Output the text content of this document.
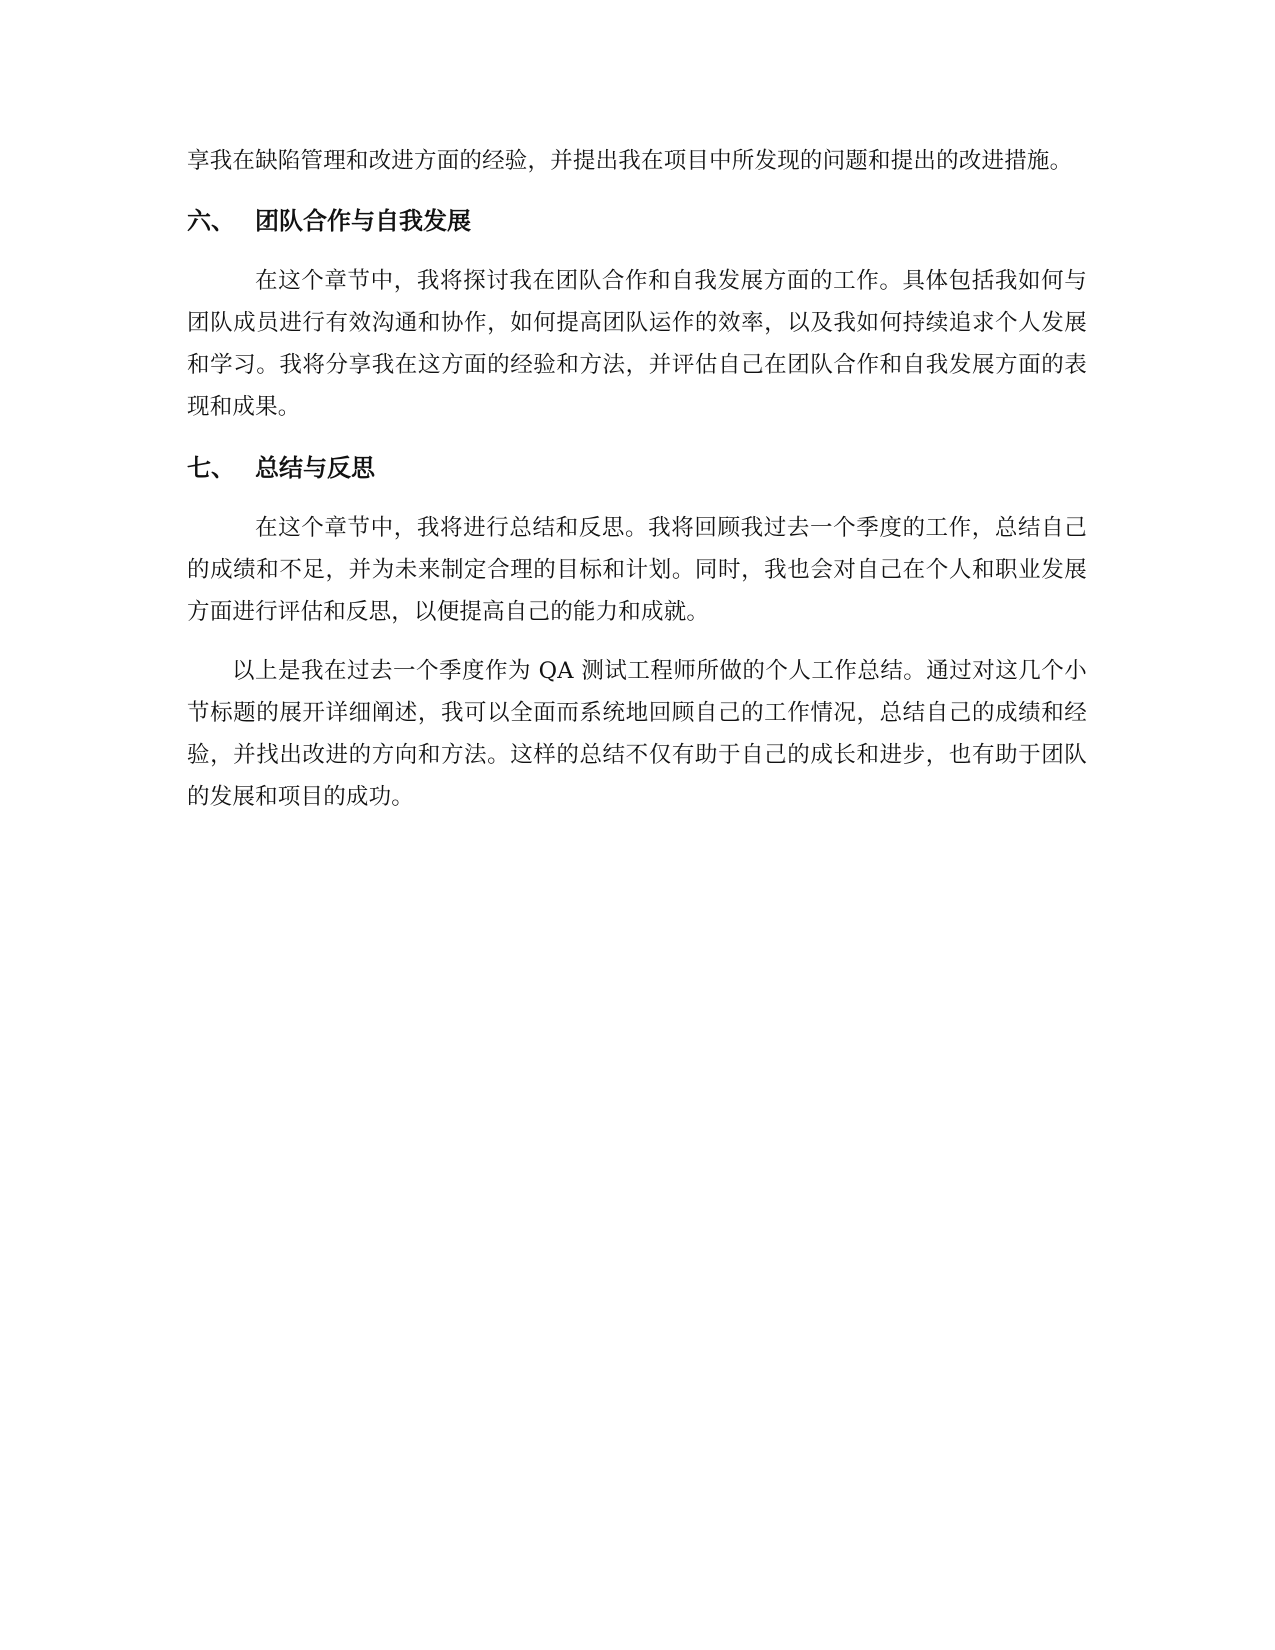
享我在缺陷管理和改进方面的经验，并提出我在项目中所发现的问题和提出的改进措施。

六、 团队合作与自我发展

在这个章节中，我将探讨我在团队合作和自我发展方面的工作。具体包括我如何与团队成员进行有效沟通和协作，如何提高团队运作的效率，以及我如何持续追求个人发展和学习。我将分享我在这方面的经验和方法，并评估自己在团队合作和自我发展方面的表现和成果。

七、 总结与反思

在这个章节中，我将进行总结和反思。我将回顾我过去一个季度的工作，总结自己的成绩和不足，并为未来制定合理的目标和计划。同时，我也会对自己在个人和职业发展方面进行评估和反思，以便提高自己的能力和成就。

以上是我在过去一个季度作为 QA 测试工程师所做的个人工作总结。通过对这几个小节标题的展开详细阐述，我可以全面而系统地回顾自己的工作情况，总结自己的成绩和经验，并找出改进的方向和方法。这样的总结不仅有助于自己的成长和进步，也有助于团队的发展和项目的成功。
